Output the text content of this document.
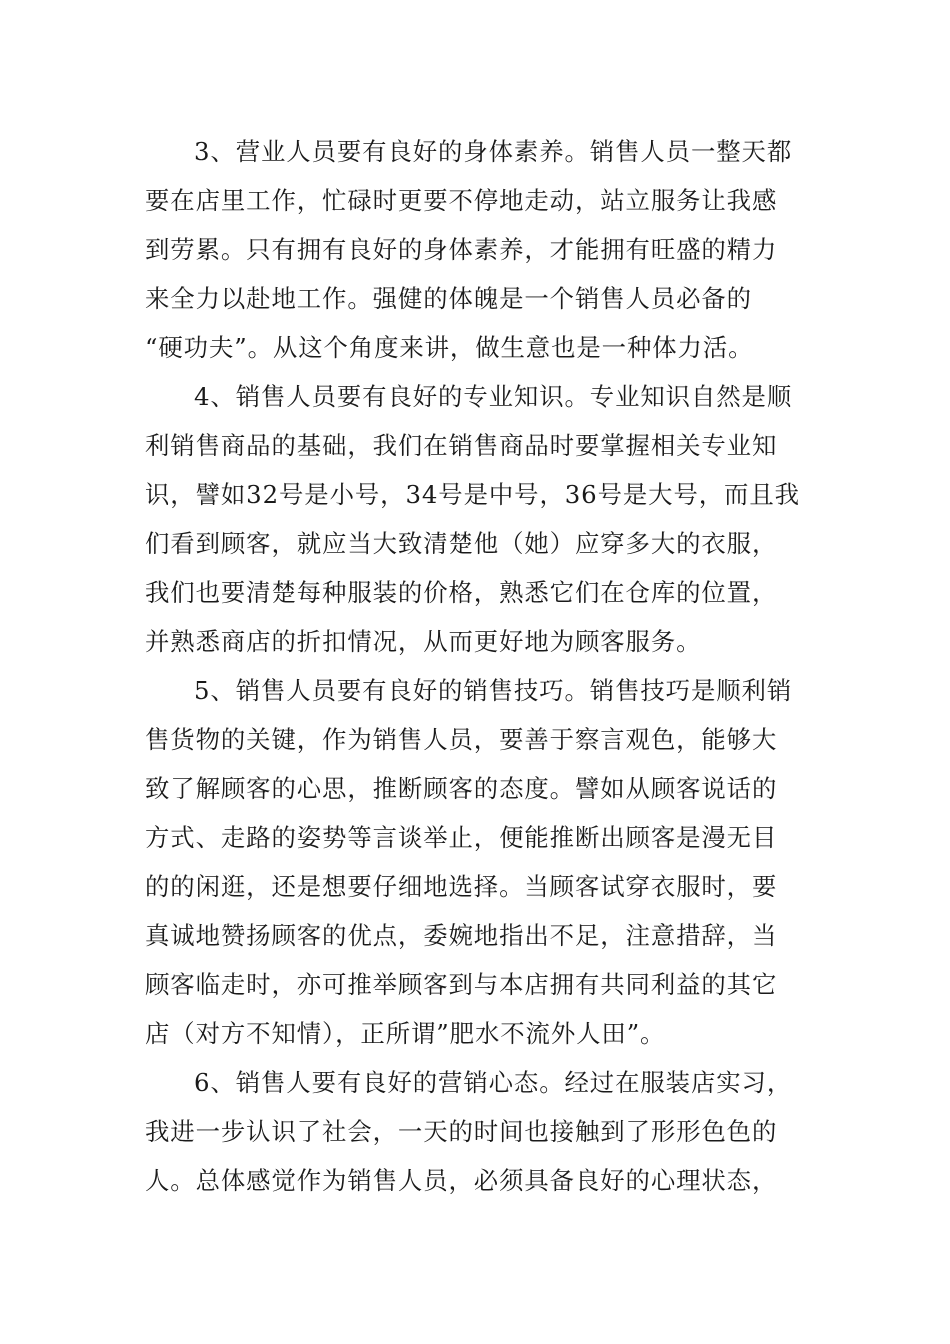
3、营业人员要有良好的身体素养。销售人员一整天都
要在店里工作，忙碌时更要不停地走动，站立服务让我感
到劳累。只有拥有良好的身体素养，才能拥有旺盛的精力
来全力以赴地工作。强健的体魄是一个销售人员必备的
“硬功夫”。从这个角度来讲，做生意也是一种体力活。
4、销售人员要有良好的专业知识。专业知识自然是顺
利销售商品的基础，我们在销售商品时要掌握相关专业知
识，譬如32号是小号，34号是中号，36号是大号，而且我
们看到顾客，就应当大致清楚他（她）应穿多大的衣服，
我们也要清楚每种服装的价格，熟悉它们在仓库的位置，
并熟悉商店的折扣情况，从而更好地为顾客服务。
5、销售人员要有良好的销售技巧。销售技巧是顺利销
售货物的关键，作为销售人员，要善于察言观色，能够大
致了解顾客的心思，推断顾客的态度。譬如从顾客说话的
方式、走路的姿势等言谈举止，便能推断出顾客是漫无目
的的闲逛，还是想要仔细地选择。当顾客试穿衣服时，要
真诚地赞扬顾客的优点，委婉地指出不足，注意措辞，当
顾客临走时，亦可推举顾客到与本店拥有共同利益的其它
店（对方不知情），正所谓”肥水不流外人田”。
6、销售人要有良好的营销心态。经过在服装店实习，
我进一步认识了社会，一天的时间也接触到了形形色色的
人。总体感觉作为销售人员，必须具备良好的心理状态，
